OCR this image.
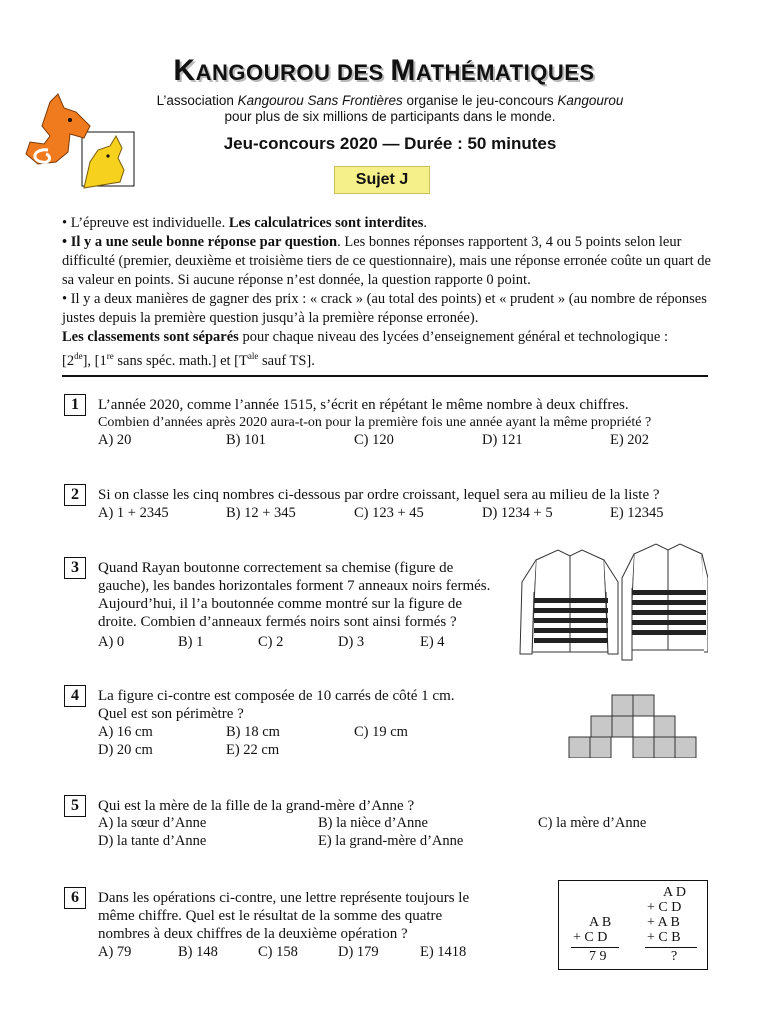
KANGOUROU DES MATHÉMATIQUES
L’association Kangourou Sans Frontières organise le jeu-concours Kangourou
pour plus de six millions de participants dans le monde.
Jeu-concours 2020 — Durée : 50 minutes
Sujet J

• L’épreuve est individuelle. Les calculatrices sont interdites.

• Il y a une seule bonne réponse par question. Les bonnes réponses rapportent 3, 4 ou 5 points selon leur difficulté (premier, deuxième et troisième tiers de ce questionnaire), mais une réponse erronée coûte un quart de sa valeur en points. Si aucune réponse n’est donnée, la question rapporte 0 point.

• Il y a deux manières de gagner des prix : « crack » (au total des points) et « prudent » (au nombre de réponses justes depuis la première question jusqu’à la première réponse erronée).

Les classements sont séparés pour chaque niveau des lycées d’enseignement général et technologique :
[2de], [1re sans spéc. math.] et [$T^{ale}$ sauf TS].

1	L’année 2020, comme l’année 1515, s’écrit en répétant le même nombre à deux chiffres.

Combien d’années après 2020 aura-t-on pour la première fois une année ayant la même propriété ?

A) 20	B) 101	C) 120	D) 121	E) 202
2	Si on classe les cinq nombres ci-dessous par ordre croissant, lequel sera au milieu de la liste ?

A) 1 + 2345	B) 12 + 345	C) 123 + 45	D) 1234 + 5	E) 12345
3	Quand Rayan boutonne correctement sa chemise (figure de

gauche), les bandes horizontales forment 7 anneaux noirs fermés.

Aujourd’hui, il l’a boutonnée comme montré sur la figure de

droite. Combien d’anneaux fermés noirs sont ainsi formés ?

A) 0	B) 1	C) 2	D) 3	E) 4
4	La figure ci-contre est composée de 10 carrés de côté 1 cm.

Quel est son périmètre ?

A) 16 cm	B) 18 cm	C) 19 cm
D) 20 cm	E) 22 cm
5	Qui est la mère de la fille de la grand-mère d’Anne ?

A) la sœur d’Anne	B) la nièce d’Anne	C) la mère d’Anne
D) la tante d’Anne	E) la grand-mère d’Anne
6	Dans les opérations ci-contre, une lettre représente toujours le

même chiffre. Quel est le résultat de la somme des quatre

nombres à deux chiffres de la deuxième opération ?

A) 79	B) 148	C) 158	D) 179	E) 1418
A B
+ C D
7 9
A D
+ C D
+ A B
+ C B
?
